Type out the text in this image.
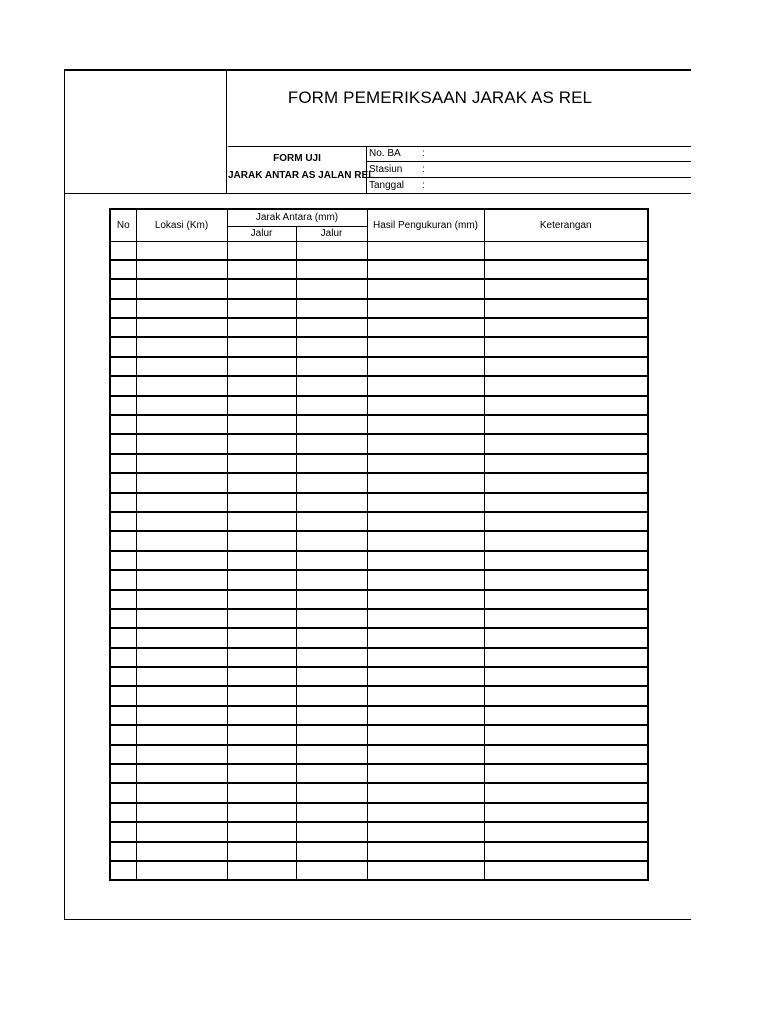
FORM PEMERIKSAAN JARAK AS REL
FORM UJI
JARAK ANTAR AS JALAN REL
No. BA :
Stasiun :
Tanggal :
No	Lokasi (Km)	Jarak Antara (mm)		Hasil Pengukuran (mm)	Keterangan
		Jalur	Jalur		
